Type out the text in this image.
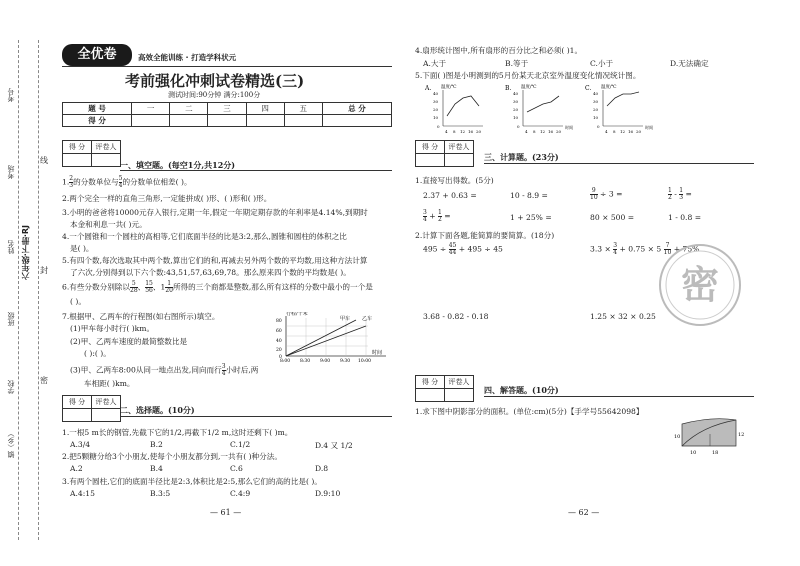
考号
考场
姓名 六年级·下册·RJ
班级
学校
镇（乡）
密
封
线
全优卷	高效全能训练 · 打造学科状元
考前强化冲刺试卷精选(三)
测试时间:90分钟 满分:100分
题 号	一	二	三	四	五	总 分
得 分						
得 分	评卷人

一、填空题。(每空1分,共12分)
1. $\frac{2}{3}$ 的分数单位与 $\frac{5}{4}$ 的分数单位相差( )。
2.两个完全一样的直角三角形,一定能拼成( )形、( )形和( )形。
3.小明的爸爸将10000元存入银行,定期一年,假定一年期定期存款的年利率是4.14%,到期时
本金和利息一共( )元。
4.一个圆锥和一个圆柱的高相等,它们底面半径的比是3:2,那么,圆锥和圆柱的体积之比
是( )。
5.有四个数,每次选取其中两个数,算出它们的和,再减去另外两个数的平均数,用这种方法计算
了六次,分别得到以下六个数:43,51,57,63,69,78。那么原来四个数的平均数是( )。
6.有些分数分别除以 $\frac{5}{28}$ 、 $\frac{15}{56}$ 、$1 \frac{1}{20}$ 所得的三个商都是整数,那么所有这样的分数中最小的一个是
( )。
7.根据甲、乙两车的行程图(如右图所示)填空。
(1)甲车每小时行( )km。
(2)甲、乙两车速度的最简整数比是
( ):( )。
(3)甲、乙两车8:00从同一地点出发,同向而行 $\frac{3}{4}$ 小时后,两
车相距( )km。
行程/千米
甲车 乙车
时间
80
60
40
20
0
8:00 8:30 9:00 9:30 10:00
得 分	评卷人

二、选择题。(10分)
1.一根5 m长的钢管,先截下它的1/2,再截下1/2 m,这时还剩下( )m。
A.3/4	B.2	C.1/2	D.4 又 1/2
2.把5颗糖分给3个小朋友,使每个小朋友都分到,一共有( )种分法。
A.2	B.4	C.6	D.8
3.有两个圆柱,它们的底面半径比是2:3,体积比是2:5,那么它们的高的比是( )。
A.4:15	B.3:5	C.4:9	D.9:10
— 61 —
4.扇形统计图中,所有扇形的百分比之和必须( )1。
A.大于	B.等于	C.小于	D.无法确定
5.下面( )图是小明测到的5月份某天北京室外温度变化情况统计图。
A. 温度/℃
40
30
20
10
0
4 8 12 16 20
B. 温度/℃
40
30
20
10
0
4 8 12 16 20
时间
C. 温度/℃
40
30
20
10
0
4 8 12 16 20
时间
得 分	评卷人

三、计算题。(23分)
1.直接写出得数。(5分)
2.37 + 0.63 =	10 - 8.9 =	$\frac{9}{10} \div 3$ =	$\frac{1}{2} - \frac{1}{3}$ =
$\frac{3}{4} + \frac{1}{2}$ =	1 + 25% =	80 × 500 =	1 - 0.8 =
2.计算下面各题,能简算的要简算。(18分)
$495 \div \frac{45}{44} + 495 \div 45$	$3.3 \times \frac{3}{4} + 0.75 \times 5 \frac{7}{10} + 75\%$
3.68 - 0.82 - 0.18	1.25 × 32 × 0.25
密
得 分	评卷人

四、解答题。(10分)
1.求下图中阴影部分的面积。(单位:cm)(5分)【手学号55642098】
10
10
12
18
— 62 —
